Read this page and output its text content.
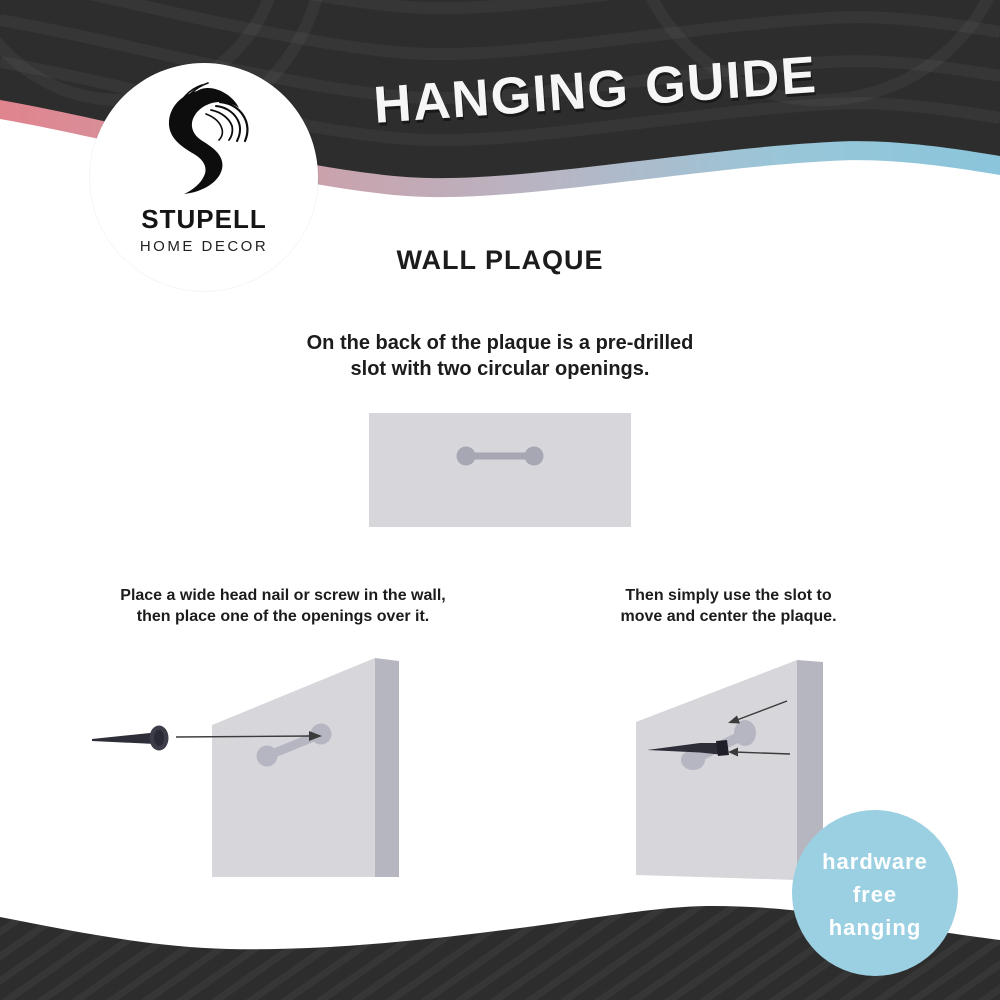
HANGING GUIDE
STUPELL
HOME DECOR	WALL PLAQUE
On the back of the plaque is a pre-drilled
slot with two circular openings.
Place a wide head nail or screw in the wall,
then place one of the openings over it.
Then simply use the slot to
move and center the plaque.
hardware
free
hanging
